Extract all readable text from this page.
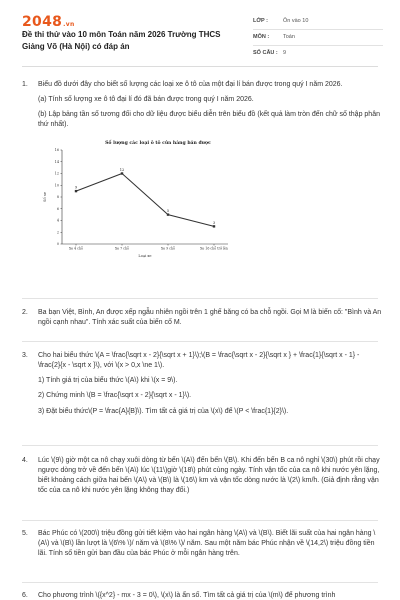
2048.vn
Đề thi thử vào 10 môn Toán năm 2026 Trường THCS Giảng Võ (Hà Nội) có đáp án
LỚP :	Ôn vào 10
MÔN :	Toán
SỐ CÂU : 9
1.	Biểu đồ dưới đây cho biết số lượng các loại xe ô tô của một đại lí bán được trong quý I năm 2026.

(a) Tính số lượng xe ô tô đại lí đó đã bán được trong quý I năm 2026.

(b) Lập bảng tần số tương đối cho dữ liệu được biểu diễn trên biểu đồ (kết quả làm tròn đến chữ số thập phân thứ nhất).

Số lượng các loại ô tô cửa hàng bán được
0
2
4
6
8
10
12
14
16
Xe 4 chỗ	Xe 7 chỗ	Xe 9 chỗ	Xe 16 chỗ trở lên
9
12
5
3
Số xe
Loại xe
2.	Ba bạn Việt, Bình, An được xếp ngẫu nhiên ngồi trên 1 ghế băng có ba chỗ ngồi. Gọi M là biến cố: "Bình và An ngồi cạnh nhau". Tính xác suất của biến cố M.

3.	Cho hai biểu thức \(A = \frac{\sqrt x - 2}{\sqrt x + 1}\);\(B = \frac{\sqrt x - 2}{\sqrt x } + \frac{1}{\sqrt x - 1} - \frac{2}{x - \sqrt x }\), với \(x > 0,x \ne 1\).

1) Tính giá trị của biểu thức \(A\) khi \(x = 9\).

2) Chứng minh \(B = \frac{\sqrt x - 2}{\sqrt x - 1}\).

3) Đặt biểu thức\(P = \frac{A}{B}\). Tìm tất cả giá trị của \(x\) để \(P < \frac{1}{2}\).

4.	Lúc \(9\) giờ một ca nô chạy xuôi dòng từ bến \(A\) đến bến \(B\). Khi đến bến B ca nô nghỉ \(30\) phút rồi chạy ngược dòng trở về đến bến \(A\) lúc \(11\)giờ \(18\) phút cùng ngày. Tính vận tốc của ca nô khi nước yên lặng, biết khoảng cách giữa hai bến \(A\) và \(B\) là \(16\) km và vận tốc dòng nước là \(2\) km/h. (Giả định rằng vận tốc của ca nô khi nước yên lặng không thay đổi.)

5.	Bác Phúc có \(200\) triệu đồng gửi tiết kiệm vào hai ngân hàng \(A\) và \(B\). Biết lãi suất của hai ngân hàng \(A\) và \(B\) lần lượt là \(6\% \)/ năm và \(8\% \)/ năm. Sau một năm bác Phúc nhận về \(14,2\) triệu đồng tiền lãi. Tính số tiền gửi ban đầu của bác Phúc ở mỗi ngân hàng trên.

6.	Cho phương trình \({x^2} - mx - 3 = 0\), \(x\) là ẩn số. Tìm tất cả giá trị của \(m\) để phương trình
